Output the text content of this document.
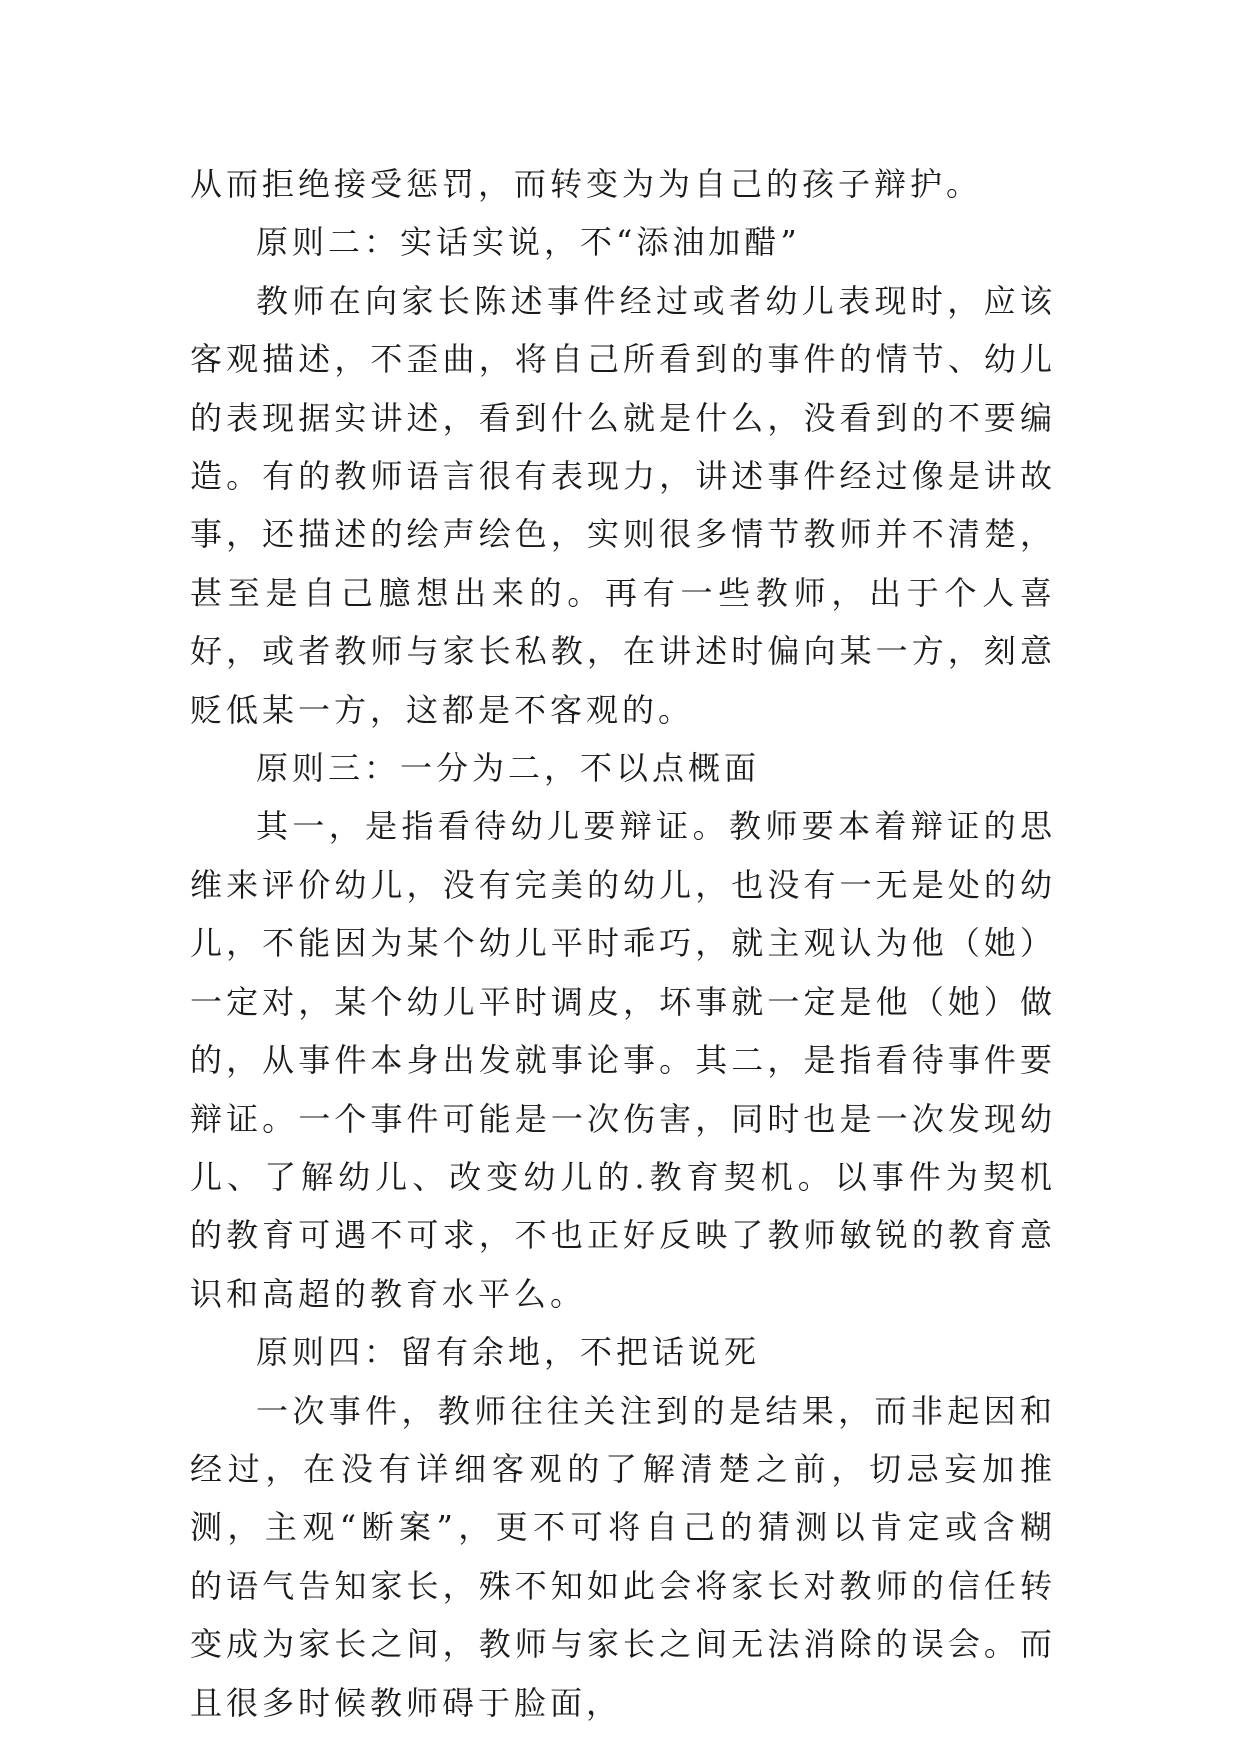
从而拒绝接受惩罚，而转变为为自己的孩子辩护。

原则二：实话实说，不“添油加醋”

教师在向家长陈述事件经过或者幼儿表现时，应该客观描述，不歪曲，将自己所看到的事件的情节、幼儿的表现据实讲述，看到什么就是什么，没看到的不要编造。有的教师语言很有表现力，讲述事件经过像是讲故事，还描述的绘声绘色，实则很多情节教师并不清楚，甚至是自己臆想出来的。再有一些教师，出于个人喜好，或者教师与家长私教，在讲述时偏向某一方，刻意贬低某一方，这都是不客观的。

原则三：一分为二，不以点概面

其一，是指看待幼儿要辩证。教师要本着辩证的思维来评价幼儿，没有完美的幼儿，也没有一无是处的幼儿，不能因为某个幼儿平时乖巧，就主观认为他（她）一定对，某个幼儿平时调皮，坏事就一定是他（她）做的，从事件本身出发就事论事。其二，是指看待事件要辩证。一个事件可能是一次伤害，同时也是一次发现幼儿、了解幼儿、改变幼儿的.教育契机。以事件为契机的教育可遇不可求，不也正好反映了教师敏锐的教育意识和高超的教育水平么。

原则四：留有余地，不把话说死

一次事件，教师往往关注到的是结果，而非起因和经过，在没有详细客观的了解清楚之前，切忌妄加推测，主观“断案”，更不可将自己的猜测以肯定或含糊的语气告知家长，殊不知如此会将家长对教师的信任转变成为家长之间，教师与家长之间无法消除的误会。而且很多时候教师碍于脸面，
